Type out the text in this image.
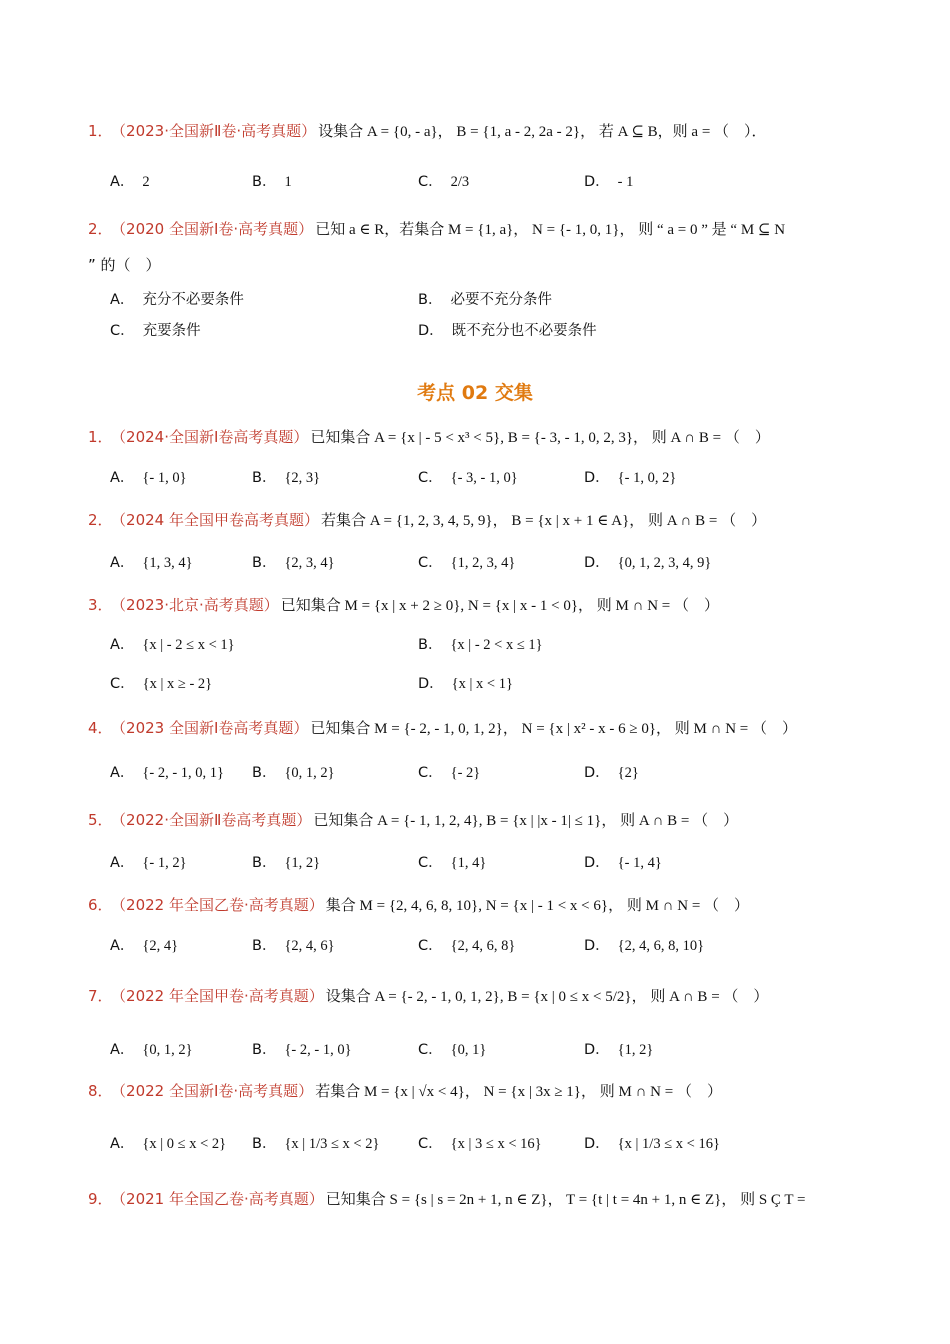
1． （2023·全国新Ⅱ卷·高考真题） 设集合 A = {0, - a}， B = {1, a - 2, 2a - 2}， 若 A ⊆ B，则 a = （　）．
A． 2	B． 1	C． 2/3	D． - 1
2． （2020 全国新Ⅰ卷·高考真题） 已知 a ∈ R，若集合 M = {1, a}， N = {- 1, 0, 1}， 则 “ a = 0 ” 是 “ M ⊆ N
” 的（　）
A． 充分不必要条件	B． 必要不充分条件
C． 充要条件	D． 既不充分也不必要条件
考点 02 交集
1． （2024·全国新Ⅰ卷高考真题） 已知集合 A = {x | - 5 < x³ < 5}, B = {- 3, - 1, 0, 2, 3}， 则 A ∩ B = （　）
A． {- 1, 0}	B． {2, 3}	C． {- 3, - 1, 0}	D． {- 1, 0, 2}
2． （2024 年全国甲卷高考真题） 若集合 A = {1, 2, 3, 4, 5, 9}， B = {x | x + 1 ∈ A}， 则 A ∩ B = （　）
A． {1, 3, 4}	B． {2, 3, 4}	C． {1, 2, 3, 4}	D． {0, 1, 2, 3, 4, 9}
3． （2023·北京·高考真题） 已知集合 M = {x | x + 2 ≥ 0}, N = {x | x - 1 < 0}， 则 M ∩ N = （　）
A． {x | - 2 ≤ x < 1}	B． {x | - 2 < x ≤ 1}
C． {x | x ≥ - 2}	D． {x | x < 1}
4． （2023 全国新Ⅰ卷高考真题） 已知集合 M = {- 2, - 1, 0, 1, 2}， N = {x | x² - x - 6 ≥ 0}， 则 M ∩ N = （　）
A． {- 2, - 1, 0, 1} B． {0, 1, 2}	C． {- 2}	D． {2}
5． （2022·全国新Ⅱ卷高考真题） 已知集合 A = {- 1, 1, 2, 4}, B = {x | |x - 1| ≤ 1}， 则 A ∩ B = （　）
A． {- 1, 2}	B． {1, 2}	C． {1, 4}	D． {- 1, 4}
6． （2022 年全国乙卷·高考真题） 集合 M = {2, 4, 6, 8, 10}, N = {x | - 1 < x < 6}， 则 M ∩ N = （　）
A． {2, 4}	B． {2, 4, 6}	C． {2, 4, 6, 8}	D． {2, 4, 6, 8, 10}
7． （2022 年全国甲卷·高考真题） 设集合 A = {- 2, - 1, 0, 1, 2}, B = {x | 0 ≤ x < 5/2}， 则 A ∩ B = （　）
A． {0, 1, 2}	B． {- 2, - 1, 0}	C． {0, 1}	D． {1, 2}
8． （2022 全国新Ⅰ卷·高考真题） 若集合 M = {x | √x < 4}， N = {x | 3x ≥ 1}， 则 M ∩ N = （　）
A． {x | 0 ≤ x < 2} B． {x | 1/3 ≤ x < 2}	C． {x | 3 ≤ x < 16}	D． {x | 1/3 ≤ x < 16}
9． （2021 年全国乙卷·高考真题） 已知集合 S = {s | s = 2n + 1, n ∈ Z}， T = {t | t = 4n + 1, n ∈ Z}， 则 S Ç T =
